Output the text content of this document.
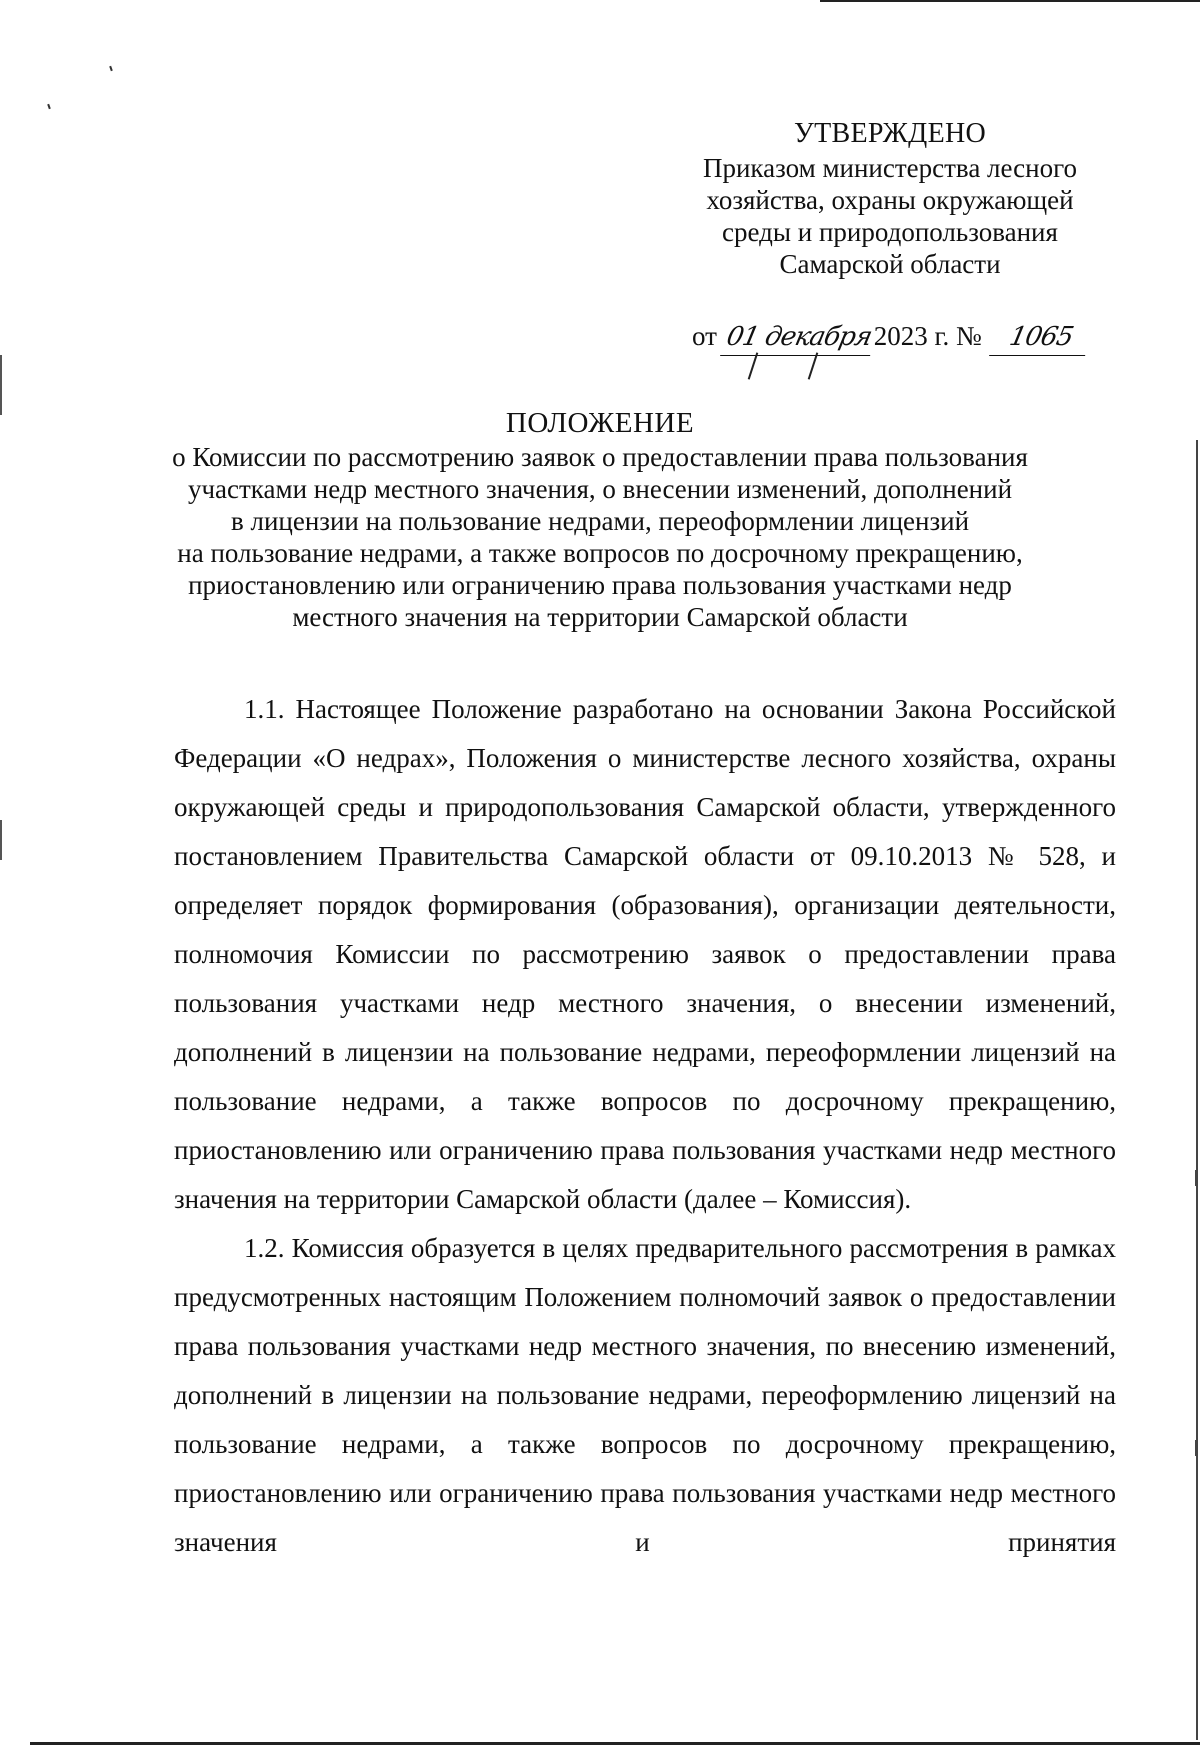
УТВЕРЖДЕНО
Приказом министерства лесного
хозяйства, охраны окружающей
среды и природопользования
Самарской области
от 01 декабря2023 г. № 1065
ПОЛОЖЕНИЕ
о Комиссии по рассмотрению заявок о предоставлении права пользования
участками недр местного значения, о внесении изменений, дополнений
в лицензии на пользование недрами, переоформлении лицензий
на пользование недрами, а также вопросов по досрочному прекращению,
приостановлению или ограничению права пользования участками недр
местного значения на территории Самарской области

1.1. Настоящее Положение разработано на основании Закона Российской Федерации «О недрах», Положения о министерстве лесного хозяйства, охраны окружающей среды и природопользования Самарской области, утвержденного постановлением Правительства Самарской области от 09.10.2013 № 528, и определяет порядок формирования (образования), организации деятельности, полномочия Комиссии по рассмотрению заявок о предоставлении права пользования участками недр местного значения, о внесении изменений, дополнений в лицензии на пользование недрами, переоформлении лицензий на пользование недрами, а также вопросов по досрочному прекращению, приостановлению или ограничению права пользования участками недр местного значения на территории Самарской области (далее – Комиссия).

1.2. Комиссия образуется в целях предварительного рассмотрения в рамках предусмотренных настоящим Положением полномочий заявок о предоставлении права пользования участками недр местного значения, по внесению изменений, дополнений в лицензии на пользование недрами, переоформлению лицензий на пользование недрами, а также вопросов по досрочному прекращению, приостановлению или ограничению права пользования участками недр местного значения и принятия
